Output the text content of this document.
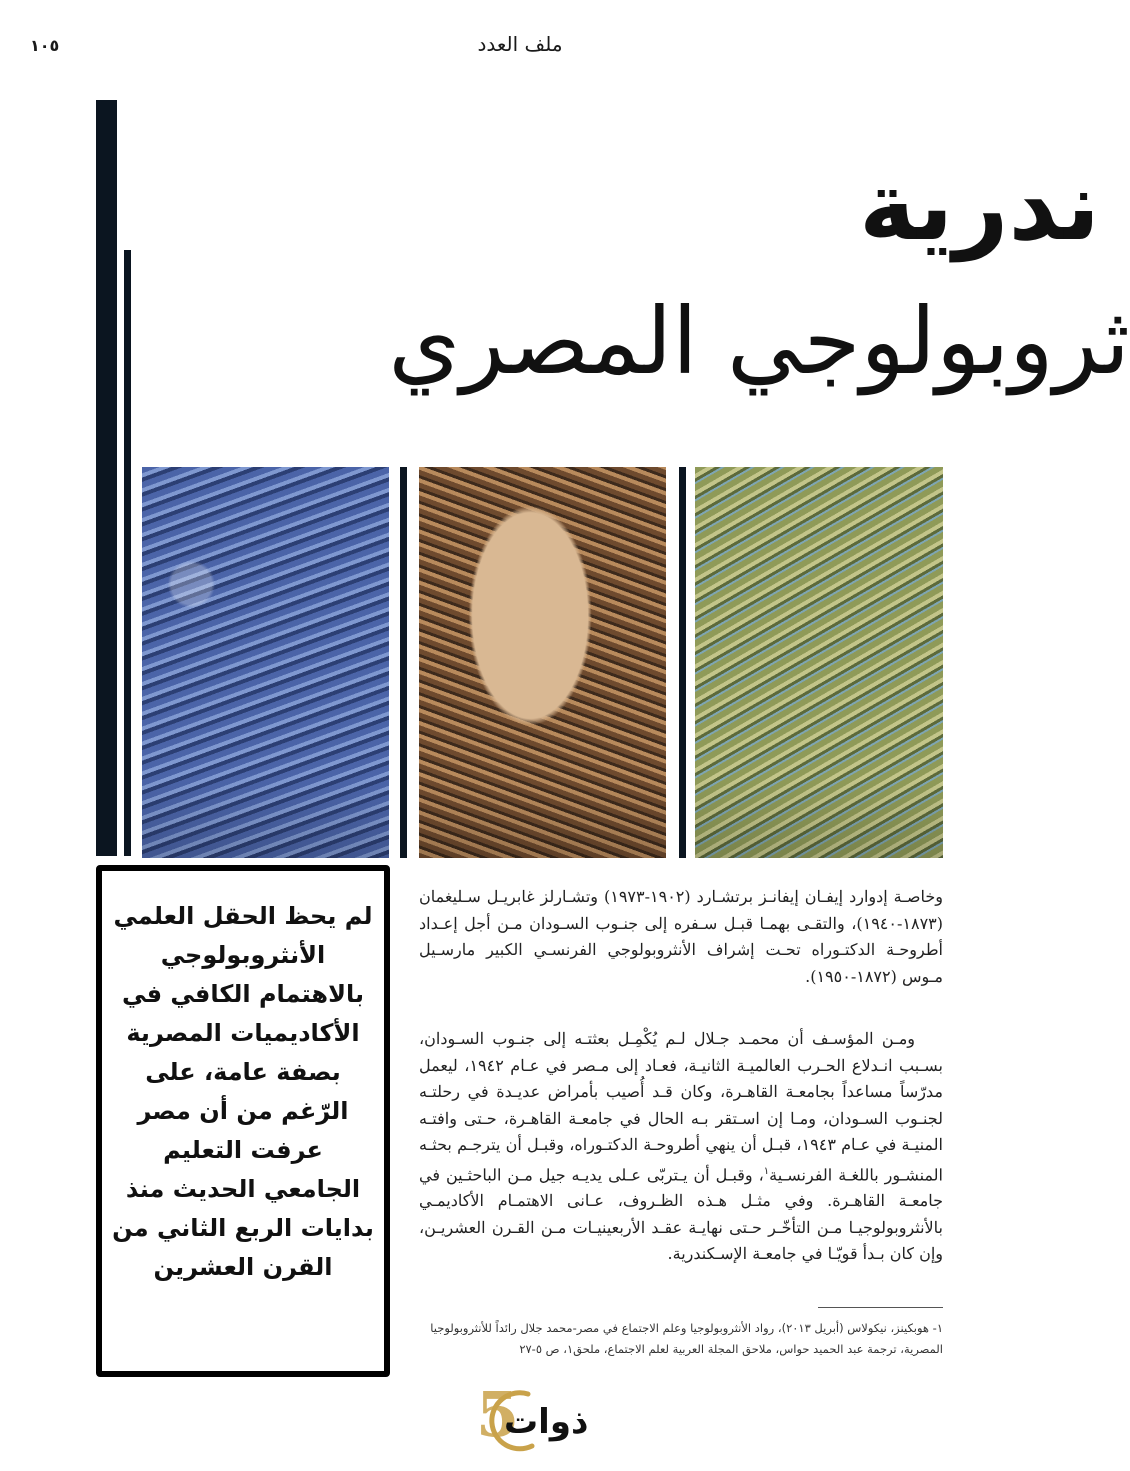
١٠٥	ملف العدد
ندرية
ثروبولوجي المصري
لم يحظ الحقل العلمي الأنثروبولوجي بالاهتمام الكافي في الأكاديميات المصرية بصفة عامة، على الرّغم من أن مصر عرفت التعليم الجامعي الحديث منذ بدايات الربع الثاني من القرن العشرين
وخاصـة إدوارد إيفـان إيفانـز برتشـارد (١٩٠٢-١٩٧٣) وتشـارلز غابريـل سـليغمان (١٨٧٣-١٩٤٠)، والتقـى بهمـا قبـل سـفره إلى جنـوب السـودان مـن أجل إعـداد أطروحـة الدكتـوراه تحـت إشراف الأنثروبولوجي الفرنسـي الكبير مارسـيل مـوس (١٨٧٢-١٩٥٠).
ومـن المؤسـف أن محمـد جـلال لـم يُكْمِـل بعثتـه إلى جنـوب السـودان، بسـبب انـدلاع الحـرب العالميـة الثانيـة، فعـاد إلى مـصر في عـام ١٩٤٢، ليعمل مدرّساً مساعداً بجامعـة القاهـرة، وكان قـد أُصيب بأمراض عديـدة في رحلتـه لجنـوب السـودان، ومـا إن اسـتقر بـه الحال في جامعـة القاهـرة، حـتى وافتـه المنيـة في عـام ١٩٤٣، قبـل أن ينهي أطروحـة الدكتـوراه، وقبـل أن يترجـم بحثـه المنشـور باللغـة الفرنسـية$^١$، وقبـل أن يـتربّى عـلى يديـه جيل مـن الباحثـين في جامعـة القاهـرة. وفي مثـل هـذه الظـروف، عـانى الاهتمـام الأكاديمـي بالأنثروبولوجيـا مـن التأخّـر حـتى نهايـة عقـد الأربعينيـات مـن القـرن العشريـن، وإن كان بـدأ قويّـا في جامعـة الإسـكندرية.
١- هوبكينز، نيكولاس (أبريل ٢٠١٣)، رواد الأنثروبولوجيا وعلم الاجتماع في مصر-محمد جلال رائداً للأنثروبولوجيا المصرية، ترجمة عبد الحميد حواس، ملاحق المجلة العربية لعلم الاجتماع، ملحق١، ص ٥-٢٧
5
ذوات
